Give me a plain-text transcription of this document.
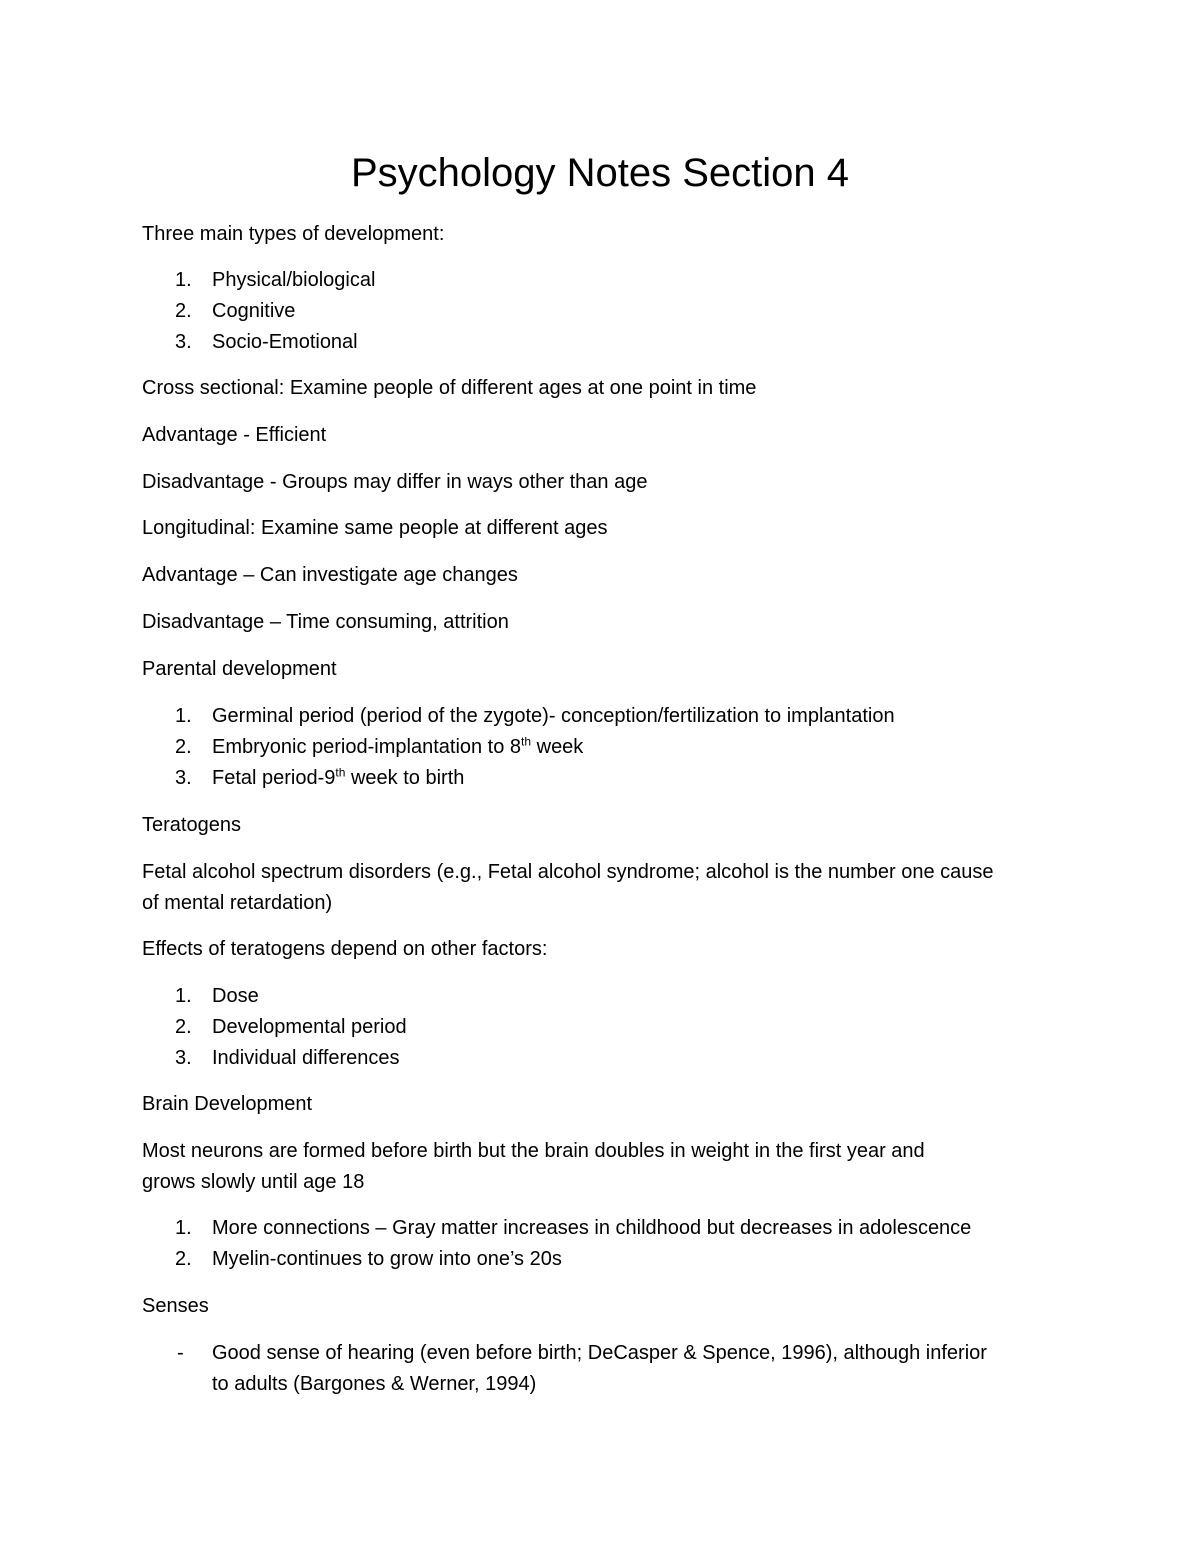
Psychology Notes Section 4
Three main types of development:
1. Physical/biological
2. Cognitive
3. Socio-Emotional
Cross sectional: Examine people of different ages at one point in time
Advantage - Efficient
Disadvantage - Groups may differ in ways other than age
Longitudinal: Examine same people at different ages
Advantage – Can investigate age changes
Disadvantage – Time consuming, attrition
Parental development
1. Germinal period (period of the zygote)- conception/fertilization to implantation
2. Embryonic period-implantation to 8th week
3. Fetal period-9th week to birth
Teratogens
Fetal alcohol spectrum disorders (e.g., Fetal alcohol syndrome; alcohol is the number one cause
of mental retardation)
Effects of teratogens depend on other factors:
1. Dose
2. Developmental period
3. Individual differences
Brain Development
Most neurons are formed before birth but the brain doubles in weight in the first year and
grows slowly until age 18
1. More connections – Gray matter increases in childhood but decreases in adolescence
2. Myelin-continues to grow into one’s 20s
Senses
- Good sense of hearing (even before birth; DeCasper & Spence, 1996), although inferior
to adults (Bargones & Werner, 1994)
